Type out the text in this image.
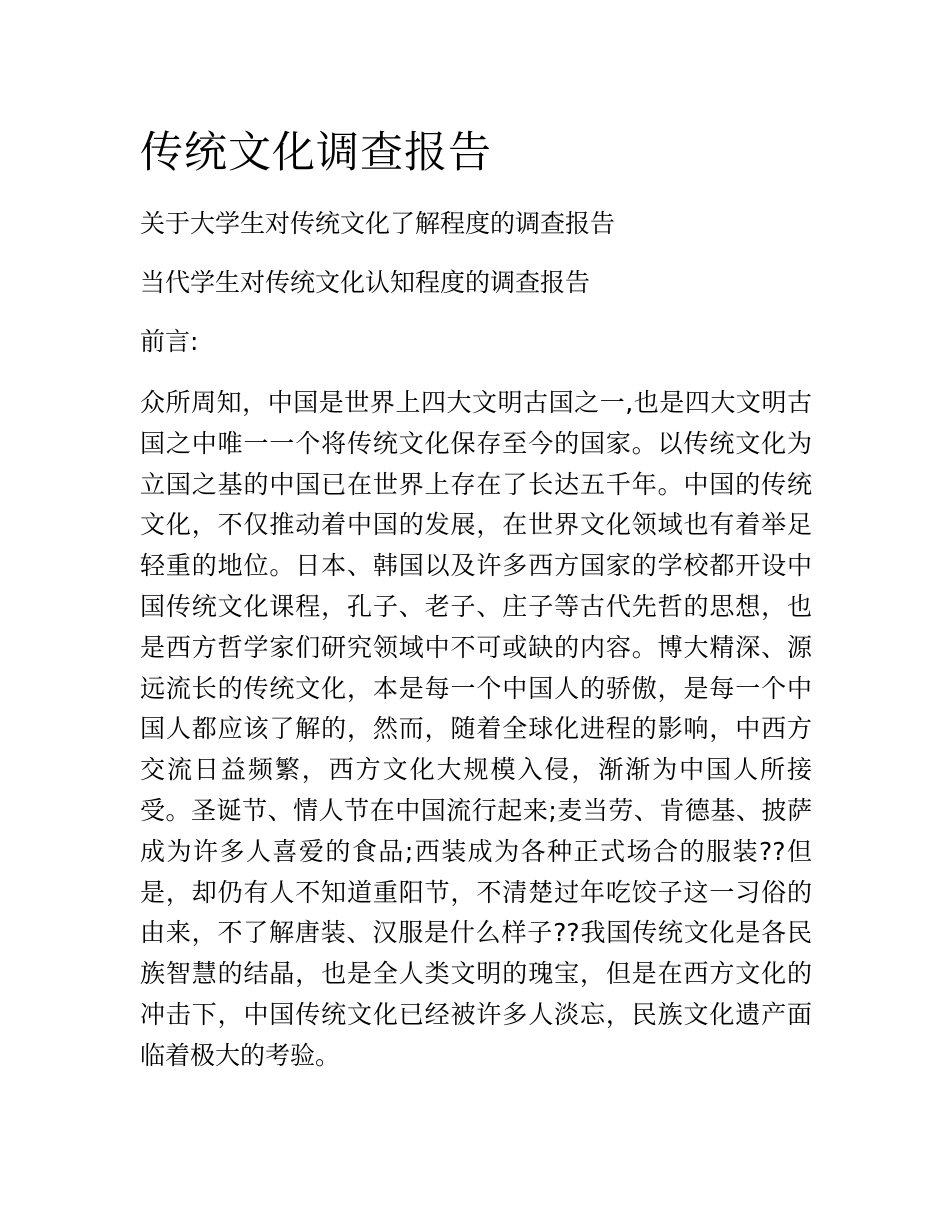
传统文化调查报告

关于大学生对传统文化了解程度的调查报告

当代学生对传统文化认知程度的调查报告

前言:

众所周知，中国是世界上四大文明古国之一,也是四大文明古国之中唯一一个将传统文化保存至今的国家。以传统文化为立国之基的中国已在世界上存在了长达五千年。中国的传统文化，不仅推动着中国的发展，在世界文化领域也有着举足轻重的地位。日本、韩国以及许多西方国家的学校都开设中国传统文化课程，孔子、老子、庄子等古代先哲的思想，也是西方哲学家们研究领域中不可或缺的内容。博大精深、源远流长的传统文化，本是每一个中国人的骄傲，是每一个中国人都应该了解的，然而，随着全球化进程的影响，中西方交流日益频繁，西方文化大规模入侵，渐渐为中国人所接受。圣诞节、情人节在中国流行起来;麦当劳、肯德基、披萨成为许多人喜爱的食品;西装成为各种正式场合的服装??但是，却仍有人不知道重阳节，不清楚过年吃饺子这一习俗的由来，不了解唐装、汉服是什么样子??我国传统文化是各民族智慧的结晶，也是全人类文明的瑰宝，但是在西方文化的冲击下，中国传统文化已经被许多人淡忘，民族文化遗产面临着极大的考验。
